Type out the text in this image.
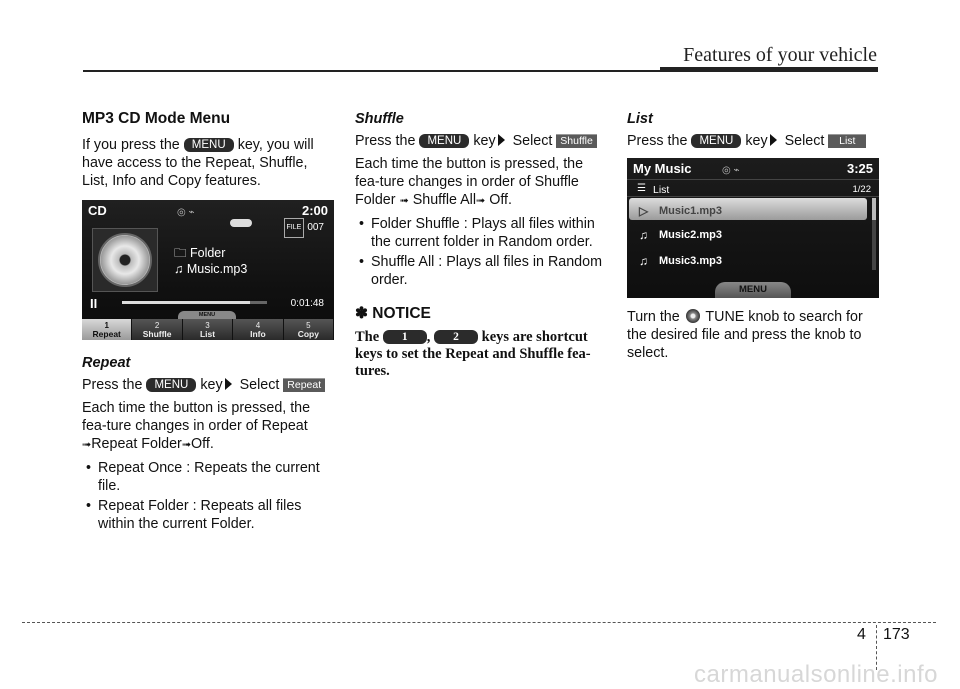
Features of your vehicle
MP3 CD Mode Menu

If you press the MENU key, you will have access to the Repeat, Shuffle, List, Info and Copy features.

CD	◎ ⌁	2:00
FILE 007
🗀 Folder
♫ Music.mp3
II	0:01:48
MENU
1
Repeat
2
Shuffle
3
List
4
Info
5
Copy
Repeat

Press the MENU key Select Repeat

Each time the button is pressed, the fea-ture changes in order of Repeat ➟Repeat Folder➟Off.

• Repeat Once : Repeats the current file.
• Repeat Folder : Repeats all files within the current Folder.
Shuffle

Press the MENU key Select Shuffle

Each time the button is pressed, the fea-ture changes in order of Shuffle Folder ➟ Shuffle All➟ Off.

• Folder Shuffle : Plays all files within the current folder in Random order.
• Shuffle All : Plays all files in Random order.
✽ NOTICE
The 1 , 2 keys are shortcut keys to set the Repeat and Shuffle fea-tures.
List

Press the MENU key Select List

My Music	◎ ⌁	3:25
☰ List	1/22
▷ Music1.mp3
♫ Music2.mp3
♫ Music3.mp3
MENU

Turn the  TUNE knob to search for the desired file and press the knob to select.

4 173
carmanualsonline.info
